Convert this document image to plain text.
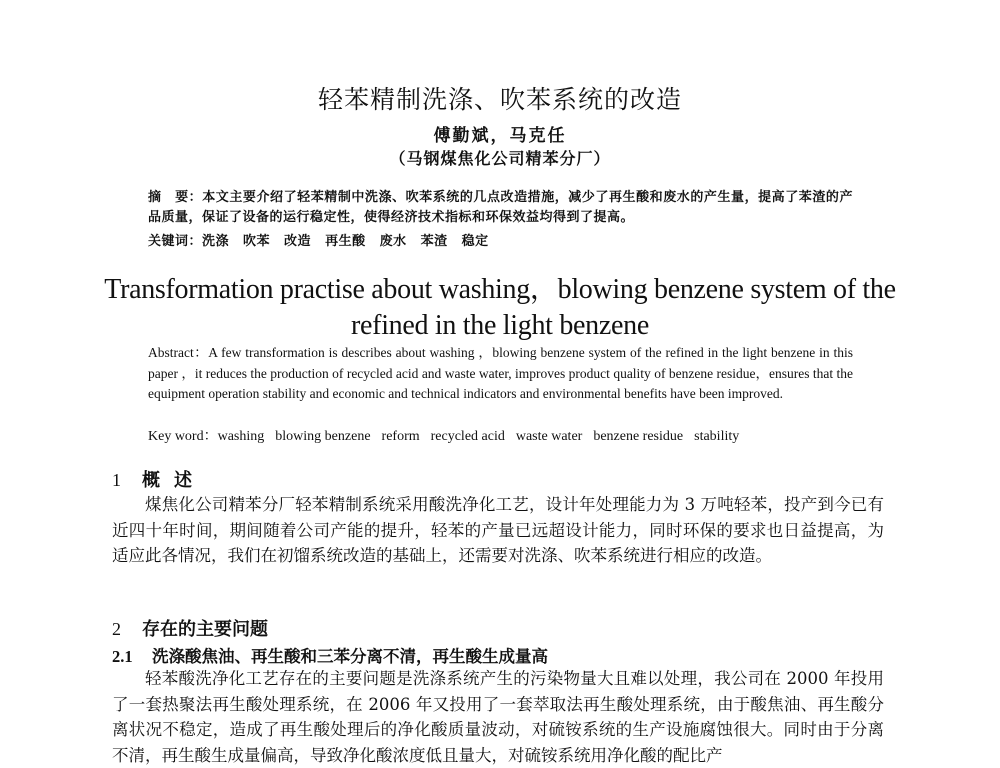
轻苯精制洗涤、吹苯系统的改造
傅勤斌，马克任
（马钢煤焦化公司精苯分厂）
摘　要：本文主要介绍了轻苯精制中洗涤、吹苯系统的几点改造措施，减少了再生酸和废水的产生量，提高了苯渣的产品质量，保证了设备的运行稳定性，使得经济技术指标和环保效益均得到了提高。
关键词：洗涤 吹苯 改造 再生酸 废水 苯渣 稳定
Transformation practise about washing，blowing benzene system of the refined in the light benzene
Abstract：A few transformation is describes about washing ，blowing benzene system of the refined in the light benzene in this paper ，it reduces the production of recycled acid and waste water, improves product quality of benzene residue，ensures that the equipment operation stability and economic and technical indicators and environmental benefits have been improved.
Key word：washing blowing benzene reform recycled acid waste water benzene residue stability
1 概述
煤焦化公司精苯分厂轻苯精制系统采用酸洗净化工艺，设计年处理能力为 3 万吨轻苯，投产到今已有近四十年时间，期间随着公司产能的提升，轻苯的产量已远超设计能力，同时环保的要求也日益提高，为适应此各情况，我们在初馏系统改造的基础上，还需要对洗涤、吹苯系统进行相应的改造。
2 存在的主要问题
2.1 洗涤酸焦油、再生酸和三苯分离不清，再生酸生成量高
轻苯酸洗净化工艺存在的主要问题是洗涤系统产生的污染物量大且难以处理，我公司在 2000 年投用了一套热聚法再生酸处理系统，在 2006 年又投用了一套萃取法再生酸处理系统，由于酸焦油、再生酸分离状况不稳定，造成了再生酸处理后的净化酸质量波动，对硫铵系统的生产设施腐蚀很大。同时由于分离不清，再生酸生成量偏高，导致净化酸浓度低且量大，对硫铵系统用净化酸的配比产
